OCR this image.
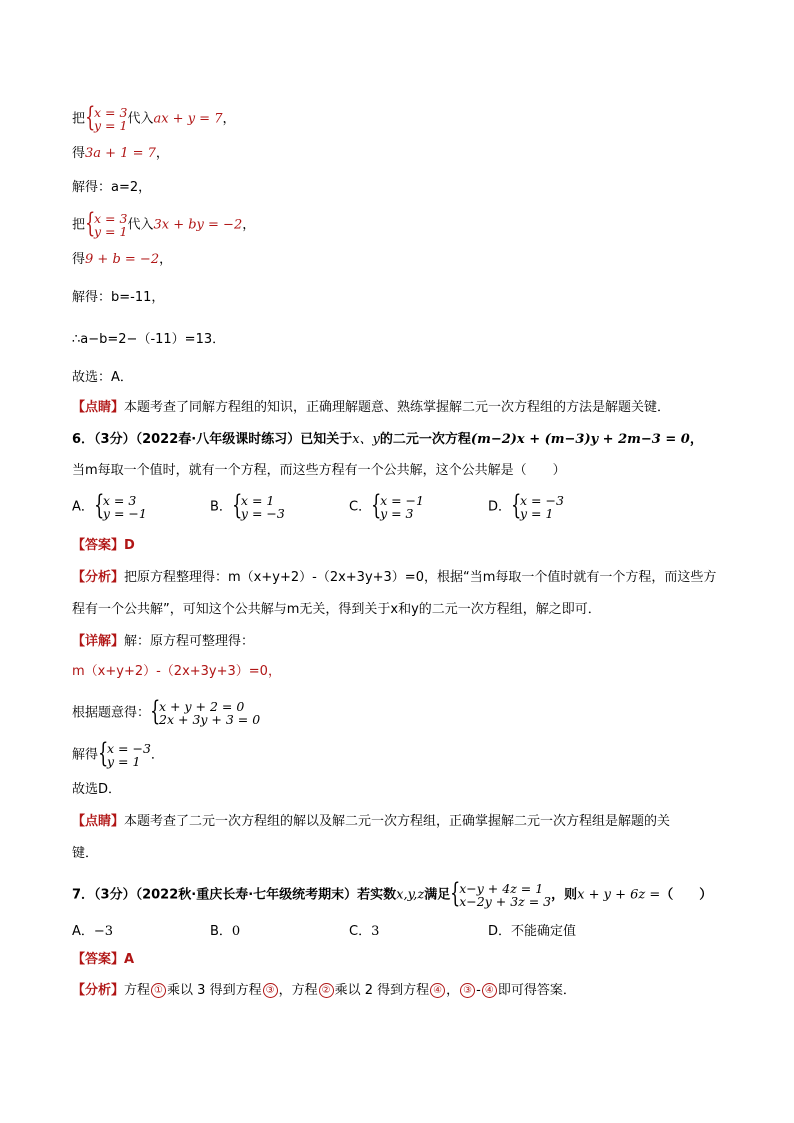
把 {
x = 3
y = 1 代入ax + y = 7，
得3a + 1 = 7，
解得：a=2，
把 {
x = 3
y = 1 代入3x + by = −2，
得9 + b = −2，
解得：b=-11，
∴a−b=2−（-11）=13．
故选：A．
【点睛】本题考查了同解方程组的知识，正确理解题意、熟练掌握解二元一次方程组的方法是解题关键．
6．（3分）（2022春·八年级课时练习）已知关于x、y的二元一次方程(m−2)x + (m−3)y + 2m−3 = 0，
当m每取一个值时，就有一个方程，而这些方程有一个公共解，这个公共解是（　　）
A． {
x = 3
y = −1	B． {
x = 1
y = −3	C． {
x = −1
y = 3	D． {
x = −3
y = 1
【答案】D
【分析】把原方程整理得：m（x+y+2）-（2x+3y+3）=0，根据“当m每取一个值时就有一个方程，而这些方
程有一个公共解”，可知这个公共解与m无关，得到关于x和y的二元一次方程组，解之即可．
【详解】解：原方程可整理得：
m（x+y+2）-（2x+3y+3）=0，
根据题意得： {
x + y + 2 = 0
2x + 3y + 3 = 0
解得 {
x = −3
y = 1 ．
故选D．
【点睛】本题考查了二元一次方程组的解以及解二元一次方程组，正确掌握解二元一次方程组是解题的关
键．
7．（3分）（2022秋·重庆长寿·七年级统考期末）若实数x,y,z满足 {
x−y + 4z = 1
x−2y + 3z = 3 ，则x + y + 6z =（　　）
A．−3	B．0	C．3	D．不能确定值
【答案】A
【分析】方程 ① 乘以 3 得到方程 ③ ，方程 ② 乘以 2 得到方程 ④ ， ③ - ④ 即可得答案．
